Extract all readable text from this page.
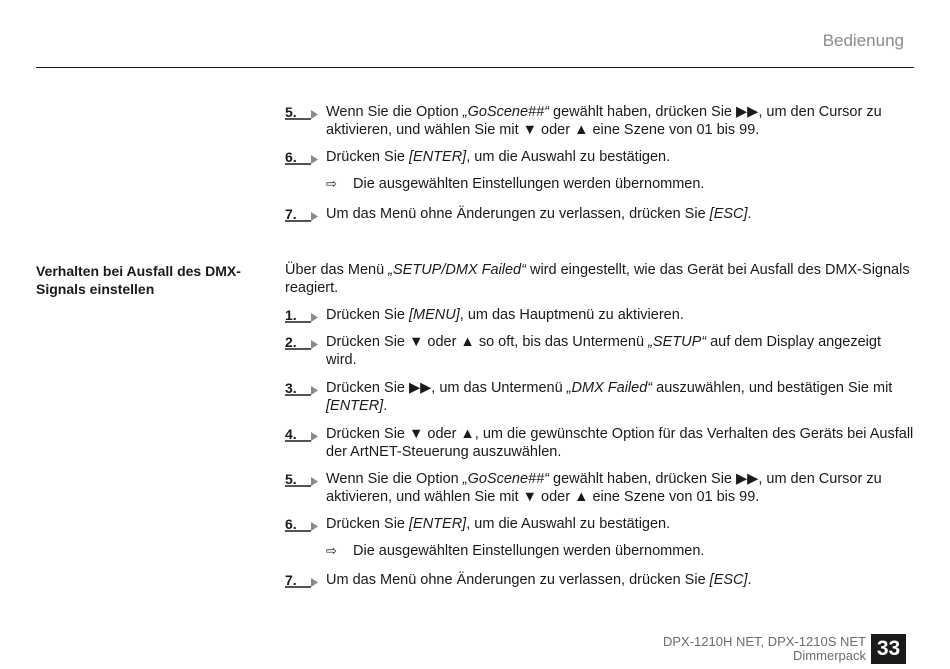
Bedienung
5. Wenn Sie die Option „GoScene##“ gewählt haben, drücken Sie ▶▶, um den Cursor zu aktivieren, und wählen Sie mit ▼ oder ▲ eine Szene von 01 bis 99.
6. Drücken Sie [ENTER], um die Auswahl zu bestätigen.
⇨ Die ausgewählten Einstellungen werden übernommen.
7. Um das Menü ohne Änderungen zu verlassen, drücken Sie [ESC].
Verhalten bei Ausfall des DMX-Signals einstellen
Über das Menü „SETUP/DMX Failed“ wird eingestellt, wie das Gerät bei Ausfall des DMX-Signals reagiert.
1. Drücken Sie [MENU], um das Hauptmenü zu aktivieren.
2. Drücken Sie ▼ oder ▲ so oft, bis das Untermenü „SETUP“ auf dem Display angezeigt wird.
3. Drücken Sie ▶▶, um das Untermenü „DMX Failed“ auszuwählen, und bestätigen Sie mit [ENTER].
4. Drücken Sie ▼ oder ▲, um die gewünschte Option für das Verhalten des Geräts bei Ausfall der ArtNET-Steuerung auszuwählen.
5. Wenn Sie die Option „GoScene##“ gewählt haben, drücken Sie ▶▶, um den Cursor zu aktivieren, und wählen Sie mit ▼ oder ▲ eine Szene von 01 bis 99.
6. Drücken Sie [ENTER], um die Auswahl zu bestätigen.
⇨ Die ausgewählten Einstellungen werden übernommen.
7. Um das Menü ohne Änderungen zu verlassen, drücken Sie [ESC].
DPX-1210H NET, DPX-1210S NET
Dimmerpack 33
